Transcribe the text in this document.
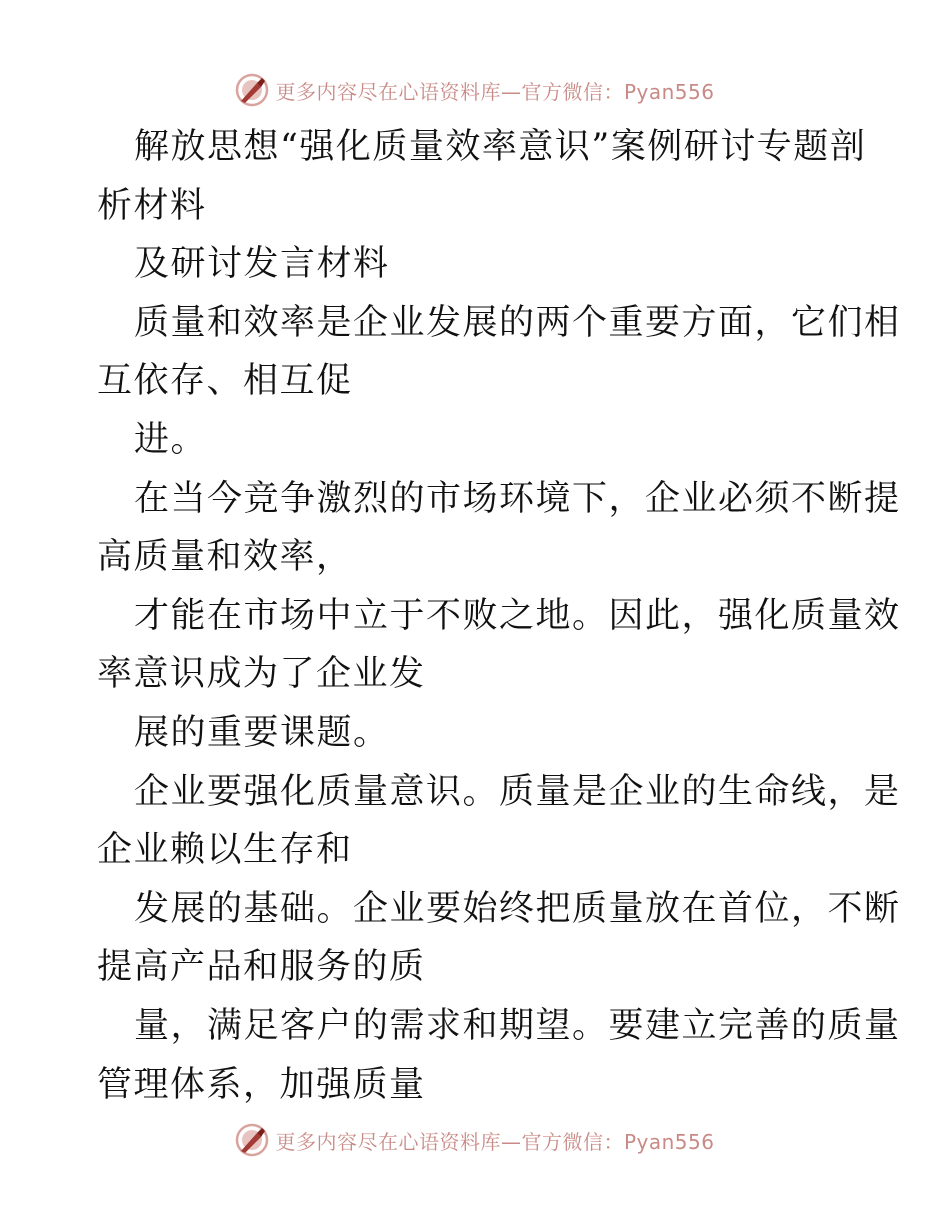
更多内容尽在心语资料库—官方微信：Pyan556
解放思想“强化质量效率意识”案例研讨专题剖
析材料
及研讨发言材料
质量和效率是企业发展的两个重要方面，它们相
互依存、相互促
进。
在当今竞争激烈的市场环境下，企业必须不断提
高质量和效率，
才能在市场中立于不败之地。因此，强化质量效
率意识成为了企业发
展的重要课题。
企业要强化质量意识。质量是企业的生命线，是
企业赖以生存和
发展的基础。企业要始终把质量放在首位，不断
提高产品和服务的质
量，满足客户的需求和期望。要建立完善的质量
管理体系，加强质量
更多内容尽在心语资料库—官方微信：Pyan556
